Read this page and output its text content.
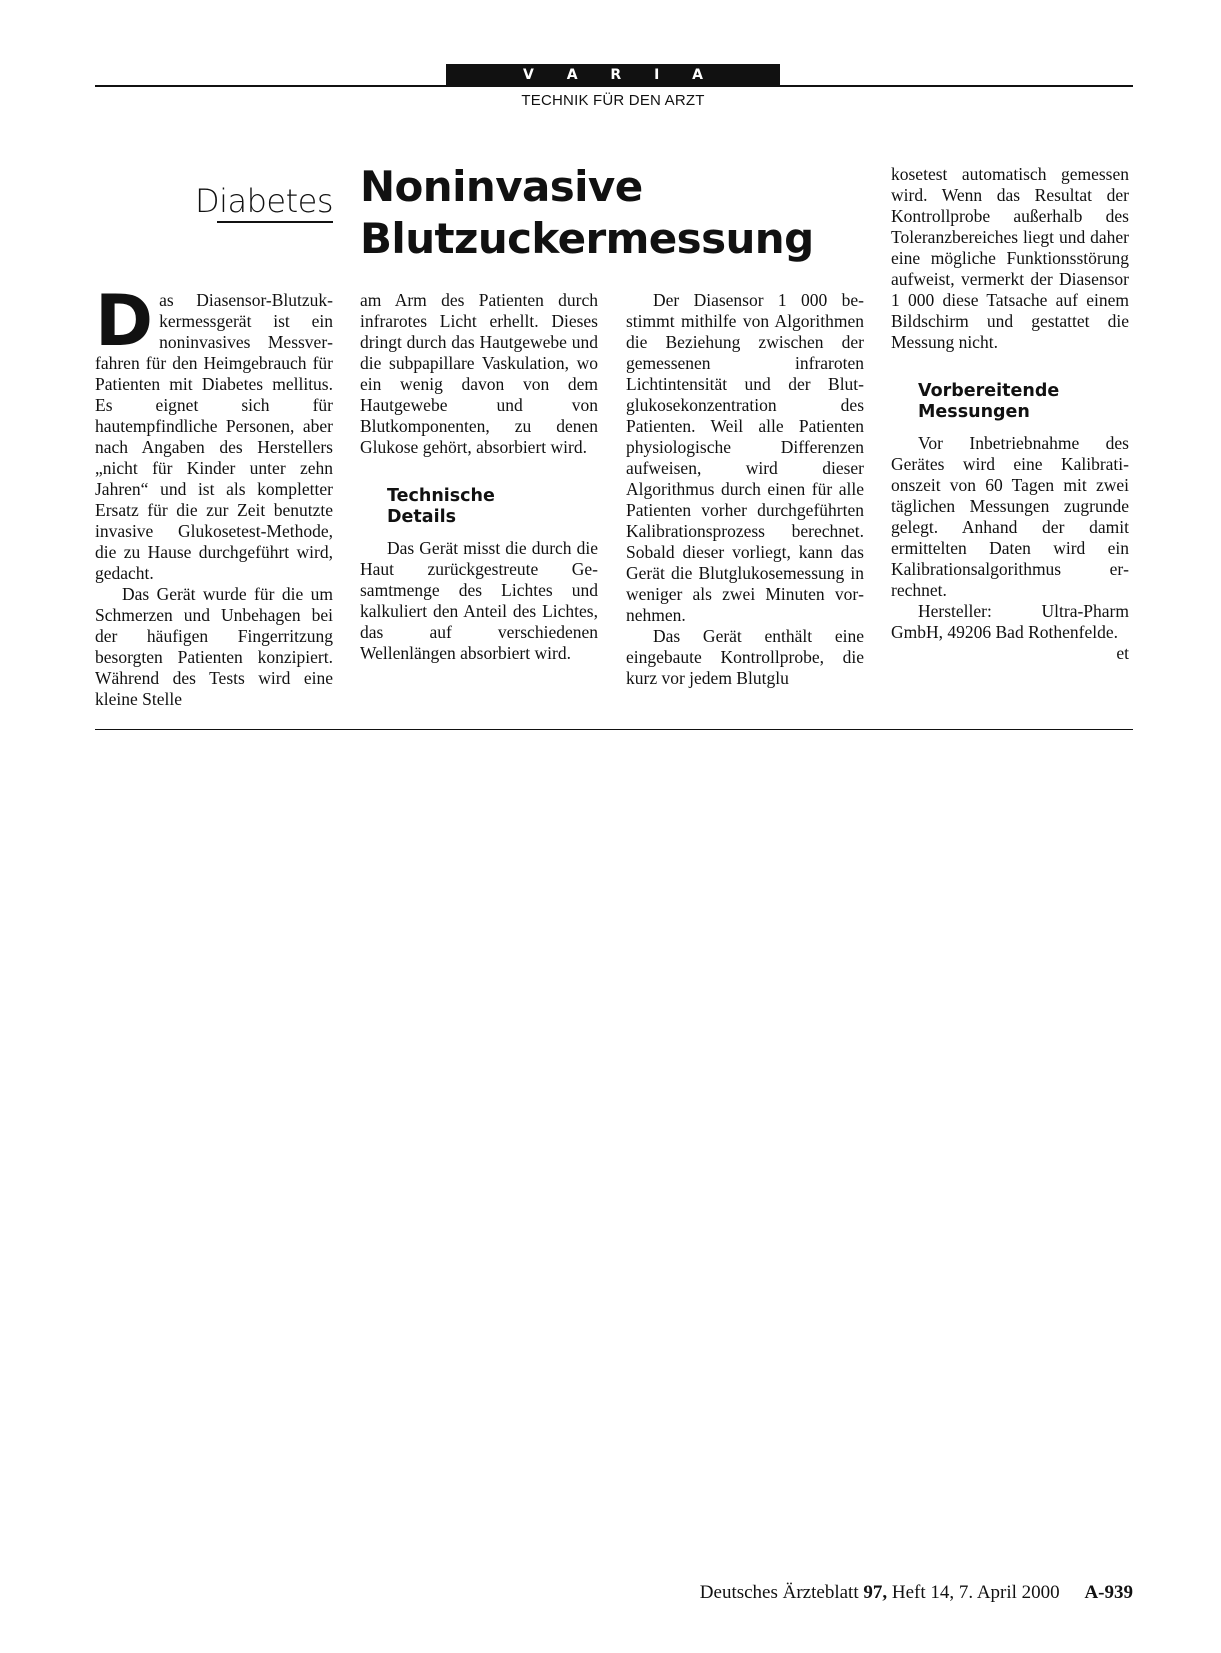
V A R I A
TECHNIK FÜR DEN ARZT
Diabetes Noninvasive
Blutzuckermessung

Das Diasensor-Blutzukkermessgerät ist ein noninvasives Messverfahren für den Heimgebrauch für Patienten mit Diabetes mellitus. Es eignet sich für hautempfindliche Personen, aber nach Angaben des Herstellers „nicht für Kinder unter zehn Jahren“ und ist als kompletter Ersatz für die zur Zeit benutzte invasive Glukosetest-Methode, die zu Hause durchgeführt wird, gedacht.

Das Gerät wurde für die um Schmerzen und Unbehagen bei der häufigen Fingerritzung besorgten Patienten konzipiert. Während des Tests wird eine kleine Stelle

am Arm des Patienten durch infrarotes Licht erhellt. Dieses dringt durch das Hautgewebe und die subpapillare Vaskulation, wo ein wenig davon von dem Hautgewebe und von Blutkomponenten, zu denen Glukose gehört, absorbiert wird.

Technische
Details

Das Gerät misst die durch die Haut zurückgestreute Gesamtmenge des Lichtes und kalkuliert den Anteil des Lichtes, das auf verschiedenen Wellenlängen absorbiert wird.

Der Diasensor 1 000 bestimmt mithilfe von Algorithmen die Beziehung zwischen der gemessenen infraroten Lichtintensität und der Blutglukosekonzentration des Patienten. Weil alle Patienten physiologische Differenzen aufweisen, wird dieser Algorithmus durch einen für alle Patienten vorher durchgeführten Kalibrationsprozess berechnet. Sobald dieser vorliegt, kann das Gerät die Blutglukosemessung in weniger als zwei Minuten vornehmen.

Das Gerät enthält eine eingebaute Kontrollprobe, die kurz vor jedem Blutglu

kosetest automatisch gemessen wird. Wenn das Resultat der Kontrollprobe außerhalb des Toleranzbereiches liegt und daher eine mögliche Funktionsstörung aufweist, vermerkt der Diasensor 1 000 diese Tatsache auf einem Bildschirm und gestattet die Messung nicht.

Vorbereitende
Messungen

Vor Inbetriebnahme des Gerätes wird eine Kalibrationszeit von 60 Tagen mit zwei täglichen Messungen zugrunde gelegt. Anhand der damit ermittelten Daten wird ein Kalibrationsalgorithmus errechnet.

Hersteller: Ultra-Pharm GmbH, 49206 Bad Rothenfelde.
et

Deutsches Ärzteblatt 97, Heft 14, 7. April 2000 A-939
